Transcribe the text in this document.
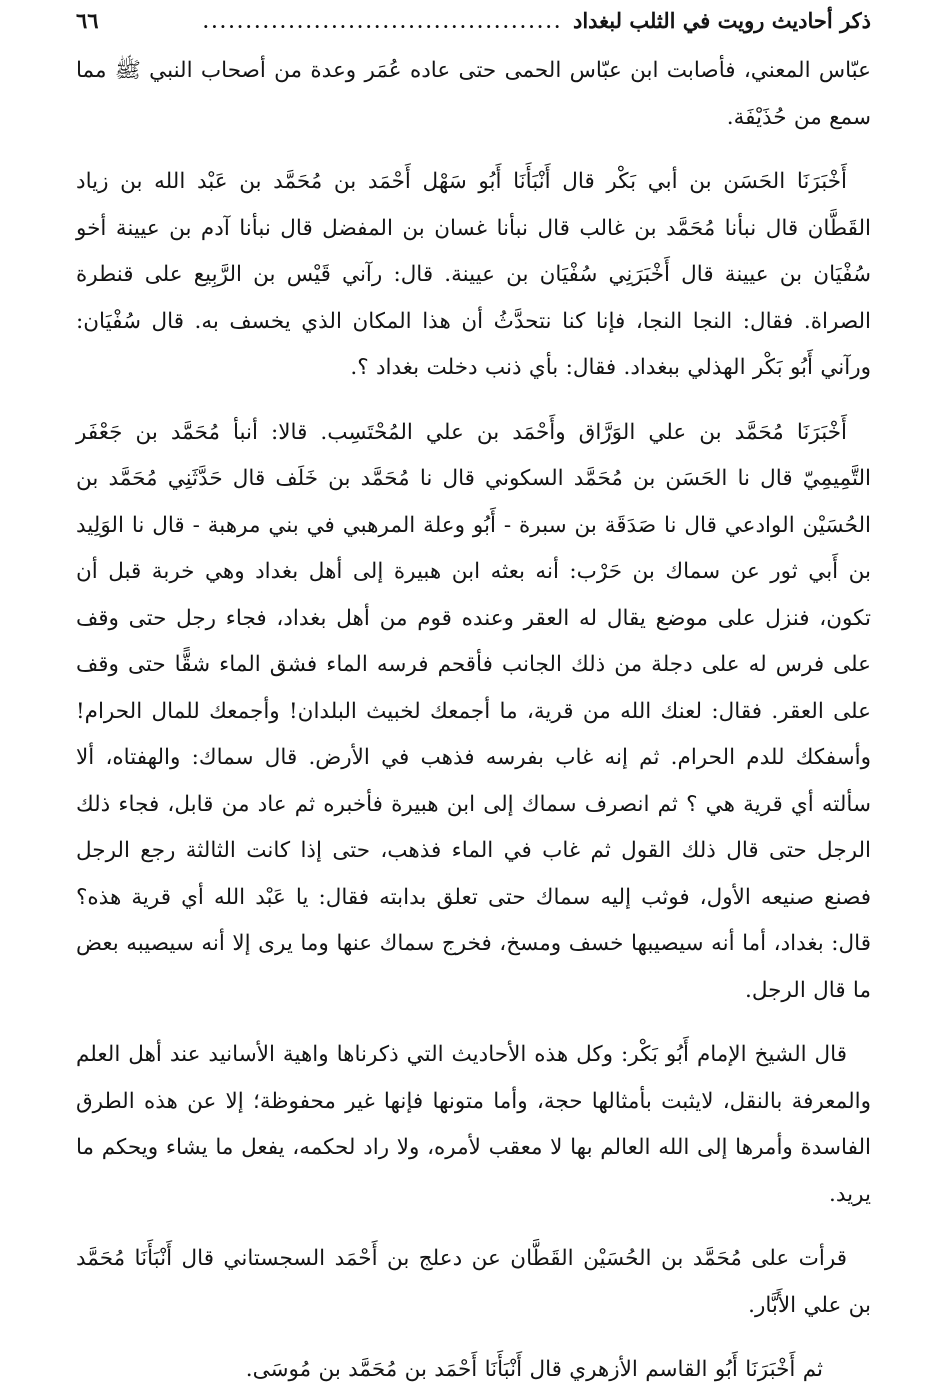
ذكر أحاديث رويت في الثلب لبغداد
..........................................
٦٦

عبّاس المعني، فأصابت ابن عبّاس الحمى حتى عاده عُمَر وعدة من أصحاب النبي ﷺ مما سمع من حُذَيْفَة.

أَخْبَرَنَا الحَسَن بن أبي بَكْر قال أَنْبَأَنَا أَبُو سَهْل أَحْمَد بن مُحَمَّد بن عَبْد الله بن زياد القَطَّان قال نبأنا مُحَمَّد بن غالب قال نبأنا غسان بن المفضل قال نبأنا آدم بن عيينة أخو سُفْيَان بن عيينة قال أَخْبَرَنِي سُفْيَان بن عيينة. قال: رآني قَيْس بن الرَّبِيع على قنطرة الصراة. فقال: النجا النجا، فإنا كنا نتحدَّثُ أن هذا المكان الذي يخسف به. قال سُفْيَان: ورآني أَبُو بَكْر الهذلي ببغداد. فقال: بأي ذنب دخلت بغداد ؟.

أَخْبَرَنَا مُحَمَّد بن علي الوَرَّاق وأَحْمَد بن علي المُحْتَسِب. قالا: أنبأ مُحَمَّد بن جَعْفَر التَّمِيمِيّ قال نا الحَسَن بن مُحَمَّد السكوني قال نا مُحَمَّد بن خَلَف قال حَدَّثَنِي مُحَمَّد بن الحُسَيْن الوادعي قال نا صَدَقَة بن سبرة - أَبُو وعلة المرهبي في بني مرهبة - قال نا الوَلِيد بن أَبي ثور عن سماك بن حَرْب: أنه بعثه ابن هبيرة إلى أهل بغداد وهي خربة قبل أن تكون، فنزل على موضع يقال له العقر وعنده قوم من أهل بغداد، فجاء رجل حتى وقف على فرس له على دجلة من ذلك الجانب فأقحم فرسه الماء فشق الماء شقًّا حتى وقف على العقر. فقال: لعنك الله من قرية، ما أجمعك لخبيث البلدان! وأجمعك للمال الحرام! وأسفكك للدم الحرام. ثم إنه غاب بفرسه فذهب في الأرض. قال سماك: والهفتاه، ألا سألته أي قرية هي ؟ ثم انصرف سماك إلى ابن هبيرة فأخبره ثم عاد من قابل، فجاء ذلك الرجل حتى قال ذلك القول ثم غاب في الماء فذهب، حتى إذا كانت الثالثة رجع الرجل فصنع صنيعه الأول، فوثب إليه سماك حتى تعلق بدابته فقال: يا عَبْد الله أي قرية هذه؟ قال: بغداد، أما أنه سيصيبها خسف ومسخ، فخرج سماك عنها وما يرى إلا أنه سيصيبه بعض ما قال الرجل.

قال الشيخ الإمام أَبُو بَكْر: وكل هذه الأحاديث التي ذكرناها واهية الأسانيد عند أهل العلم والمعرفة بالنقل، لايثبت بأمثالها حجة، وأما متونها فإنها غير محفوظة؛ إلا عن هذه الطرق الفاسدة وأمرها إلى الله العالم بها لا معقب لأمره، ولا راد لحكمه، يفعل ما يشاء ويحكم ما يريد.

قرأت على مُحَمَّد بن الحُسَيْن القَطَّان عن دعلج بن أَحْمَد السجستاني قال أَنْبَأَنَا مُحَمَّد بن علي الأَبَّار.

ثم أَخْبَرَنَا أَبُو القاسم الأزهري قال أَنْبَأَنَا أَحْمَد بن مُحَمَّد بن مُوسَى.
